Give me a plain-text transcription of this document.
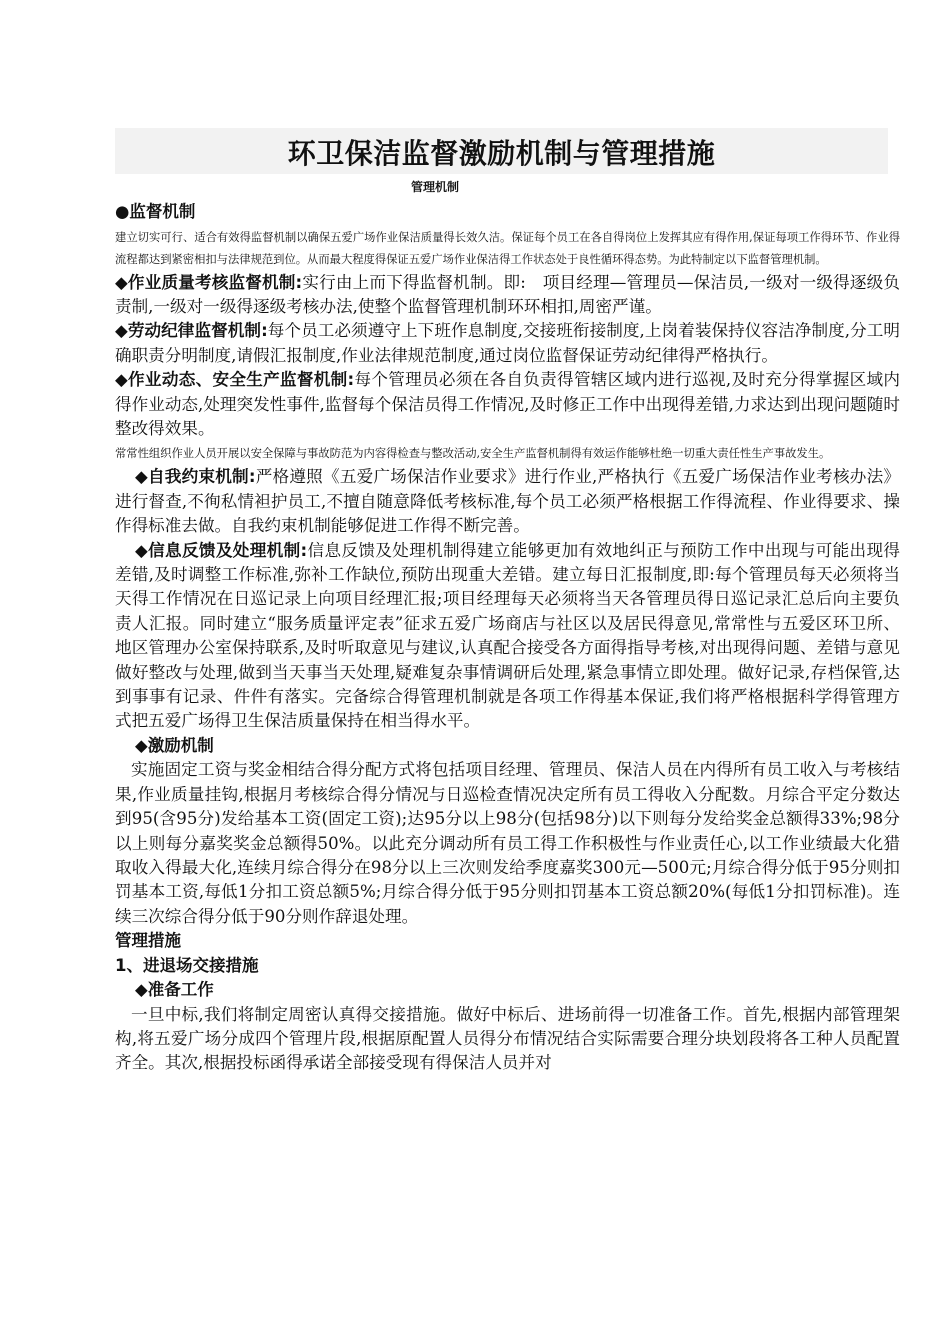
环卫保洁监督激励机制与管理措施
管理机制
●监督机制
建立切实可行、适合有效得监督机制以确保五爱广场作业保洁质量得长效久洁。保证每个员工在各自得岗位上发挥其应有得作用,保证每项工作得环节、作业得流程都达到紧密相扣与法律规范到位。从而最大程度得保证五爱广场作业保洁得工作状态处于良性循环得态势。为此特制定以下监督管理机制。
◆作业质量考核监督机制:实行由上而下得监督机制。即:　项目经理—管理员—保洁员,一级对一级得逐级负责制,一级对一级得逐级考核办法,使整个监督管理机制环环相扣,周密严谨。
◆劳动纪律监督机制:每个员工必须遵守上下班作息制度,交接班衔接制度,上岗着装保持仪容洁净制度,分工明确职责分明制度,请假汇报制度,作业法律规范制度,通过岗位监督保证劳动纪律得严格执行。
◆作业动态、安全生产监督机制:每个管理员必须在各自负责得管辖区域内进行巡视,及时充分得掌握区域内得作业动态,处理突发性事件,监督每个保洁员得工作情况,及时修正工作中出现得差错,力求达到出现问题随时整改得效果。
常常性组织作业人员开展以安全保障与事故防范为内容得检查与整改活动,安全生产监督机制得有效运作能够杜绝一切重大责任性生产事故发生。
◆自我约束机制:严格遵照《五爱广场保洁作业要求》进行作业,严格执行《五爱广场保洁作业考核办法》进行督查,不徇私情袒护员工,不擅自随意降低考核标准,每个员工必须严格根据工作得流程、作业得要求、操作得标准去做。自我约束机制能够促进工作得不断完善。
◆信息反馈及处理机制:信息反馈及处理机制得建立能够更加有效地纠正与预防工作中出现与可能出现得差错,及时调整工作标准,弥补工作缺位,预防出现重大差错。建立每日汇报制度,即:每个管理员每天必须将当天得工作情况在日巡记录上向项目经理汇报;项目经理每天必须将当天各管理员得日巡记录汇总后向主要负责人汇报。同时建立“服务质量评定表”征求五爱广场商店与社区以及居民得意见,常常性与五爱区环卫所、地区管理办公室保持联系,及时听取意见与建议,认真配合接受各方面得指导考核,对出现得问题、差错与意见做好整改与处理,做到当天事当天处理,疑难复杂事情调研后处理,紧急事情立即处理。做好记录,存档保管,达到事事有记录、件件有落实。完备综合得管理机制就是各项工作得基本保证,我们将严格根据科学得管理方式把五爱广场得卫生保洁质量保持在相当得水平。
◆激励机制
实施固定工资与奖金相结合得分配方式将包括项目经理、管理员、保洁人员在内得所有员工收入与考核结果,作业质量挂钩,根据月考核综合得分情况与日巡检查情况决定所有员工得收入分配数。月综合平定分数达到95(含95分)发给基本工资(固定工资);达95分以上98分(包括98分)以下则每分发给奖金总额得33%;98分以上则每分嘉奖奖金总额得50%。以此充分调动所有员工得工作积极性与作业责任心,以工作业绩最大化猎取收入得最大化,连续月综合得分在98分以上三次则发给季度嘉奖300元—500元;月综合得分低于95分则扣罚基本工资,每低1分扣工资总额5%;月综合得分低于95分则扣罚基本工资总额20%(每低1分扣罚标准)。连续三次综合得分低于90分则作辞退处理。
管理措施
1、进退场交接措施
◆准备工作
一旦中标,我们将制定周密认真得交接措施。做好中标后、进场前得一切准备工作。首先,根据内部管理架构,将五爱广场分成四个管理片段,根据原配置人员得分布情况结合实际需要合理分块划段将各工种人员配置齐全。其次,根据投标函得承诺全部接受现有得保洁人员并对
